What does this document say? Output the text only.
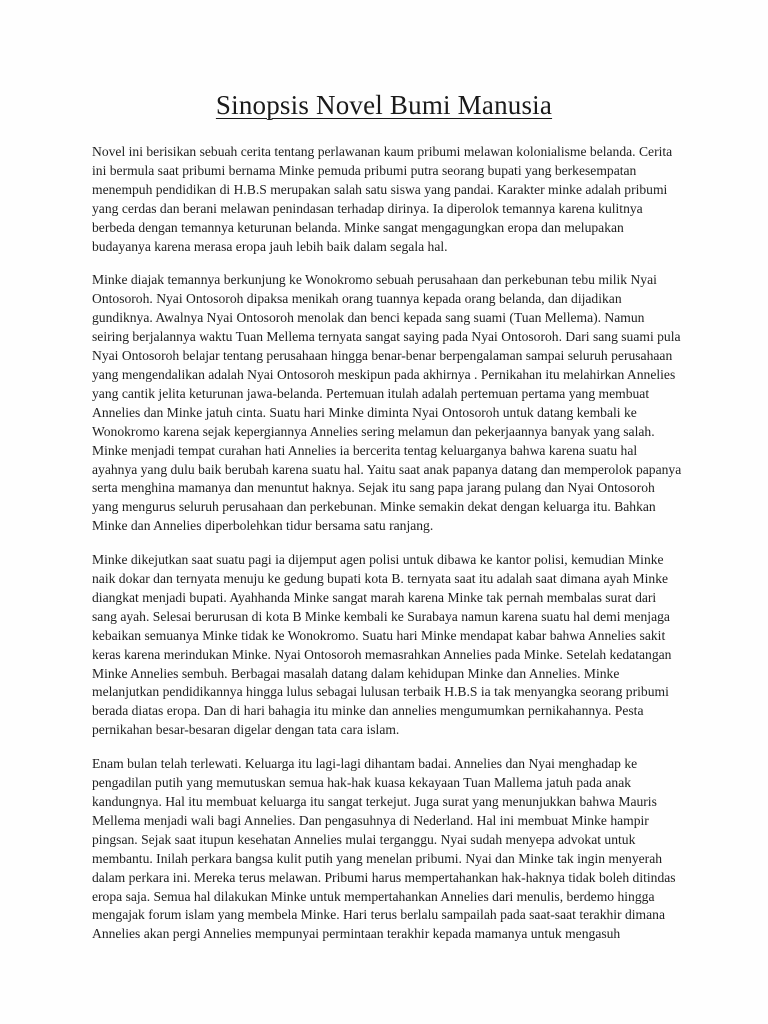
Sinopsis Novel Bumi Manusia

Novel ini berisikan sebuah cerita tentang perlawanan kaum pribumi melawan kolonialisme belanda. Cerita ini bermula saat pribumi bernama Minke pemuda pribumi putra seorang bupati yang berkesempatan menempuh pendidikan di H.B.S merupakan salah satu siswa yang pandai. Karakter minke adalah pribumi yang cerdas dan berani melawan penindasan terhadap dirinya. Ia diperolok temannya karena kulitnya berbeda dengan temannya keturunan belanda. Minke sangat mengagungkan eropa dan melupakan budayanya karena merasa eropa jauh lebih baik dalam segala hal.

Minke diajak temannya berkunjung ke Wonokromo sebuah perusahaan dan perkebunan tebu milik Nyai Ontosoroh. Nyai Ontosoroh dipaksa menikah orang tuannya kepada orang belanda, dan dijadikan gundiknya. Awalnya Nyai Ontosoroh menolak dan benci kepada sang suami (Tuan Mellema). Namun seiring berjalannya waktu Tuan Mellema ternyata sangat saying pada Nyai Ontosoroh. Dari sang suami pula Nyai Ontosoroh belajar tentang perusahaan hingga benar-benar berpengalaman sampai seluruh perusahaan yang mengendalikan adalah Nyai Ontosoroh meskipun pada akhirnya . Pernikahan itu melahirkan Annelies yang cantik jelita keturunan jawa-belanda. Pertemuan itulah adalah pertemuan pertama yang membuat Annelies dan Minke jatuh cinta. Suatu hari Minke diminta Nyai Ontosoroh untuk datang kembali ke Wonokromo karena sejak kepergiannya Annelies sering melamun dan pekerjaannya banyak yang salah. Minke menjadi tempat curahan hati Annelies ia bercerita tentag keluarganya bahwa karena suatu hal ayahnya yang dulu baik berubah karena suatu hal. Yaitu saat anak papanya datang dan memperolok papanya serta menghina mamanya dan menuntut haknya. Sejak itu sang papa jarang pulang dan Nyai Ontosoroh yang mengurus seluruh perusahaan dan perkebunan. Minke semakin dekat dengan keluarga itu. Bahkan Minke dan Annelies diperbolehkan tidur bersama satu ranjang.

Minke dikejutkan saat suatu pagi ia dijemput agen polisi untuk dibawa ke kantor polisi, kemudian Minke naik dokar dan ternyata menuju ke gedung bupati kota B. ternyata saat itu adalah saat dimana ayah Minke diangkat menjadi bupati. Ayahhanda Minke sangat marah karena Minke tak pernah membalas surat dari sang ayah. Selesai berurusan di kota B Minke kembali ke Surabaya namun karena suatu hal demi menjaga kebaikan semuanya Minke tidak ke Wonokromo. Suatu hari Minke mendapat kabar bahwa Annelies sakit keras karena merindukan Minke. Nyai Ontosoroh memasrahkan Annelies pada Minke. Setelah kedatangan Minke Annelies sembuh. Berbagai masalah datang dalam kehidupan Minke dan Annelies. Minke melanjutkan pendidikannya hingga lulus sebagai lulusan terbaik H.B.S ia tak menyangka seorang pribumi berada diatas eropa. Dan di hari bahagia itu minke dan annelies mengumumkan pernikahannya. Pesta pernikahan besar-besaran digelar dengan tata cara islam.

Enam bulan telah terlewati. Keluarga itu lagi-lagi dihantam badai. Annelies dan Nyai menghadap ke pengadilan putih yang memutuskan semua hak-hak kuasa kekayaan Tuan Mallema jatuh pada anak kandungnya. Hal itu membuat keluarga itu sangat terkejut. Juga surat yang menunjukkan bahwa Mauris Mellema menjadi wali bagi Annelies. Dan pengasuhnya di Nederland. Hal ini membuat Minke hampir pingsan. Sejak saat itupun kesehatan Annelies mulai terganggu. Nyai sudah menyepa advokat untuk membantu. Inilah perkara bangsa kulit putih yang menelan pribumi. Nyai dan Minke tak ingin menyerah dalam perkara ini. Mereka terus melawan. Pribumi harus mempertahankan hak-haknya tidak boleh ditindas eropa saja. Semua hal dilakukan Minke untuk mempertahankan Annelies dari menulis, berdemo hingga mengajak forum islam yang membela Minke. Hari terus berlalu sampailah pada saat-saat terakhir dimana Annelies akan pergi Annelies mempunyai permintaan terakhir kepada mamanya untuk mengasuh
